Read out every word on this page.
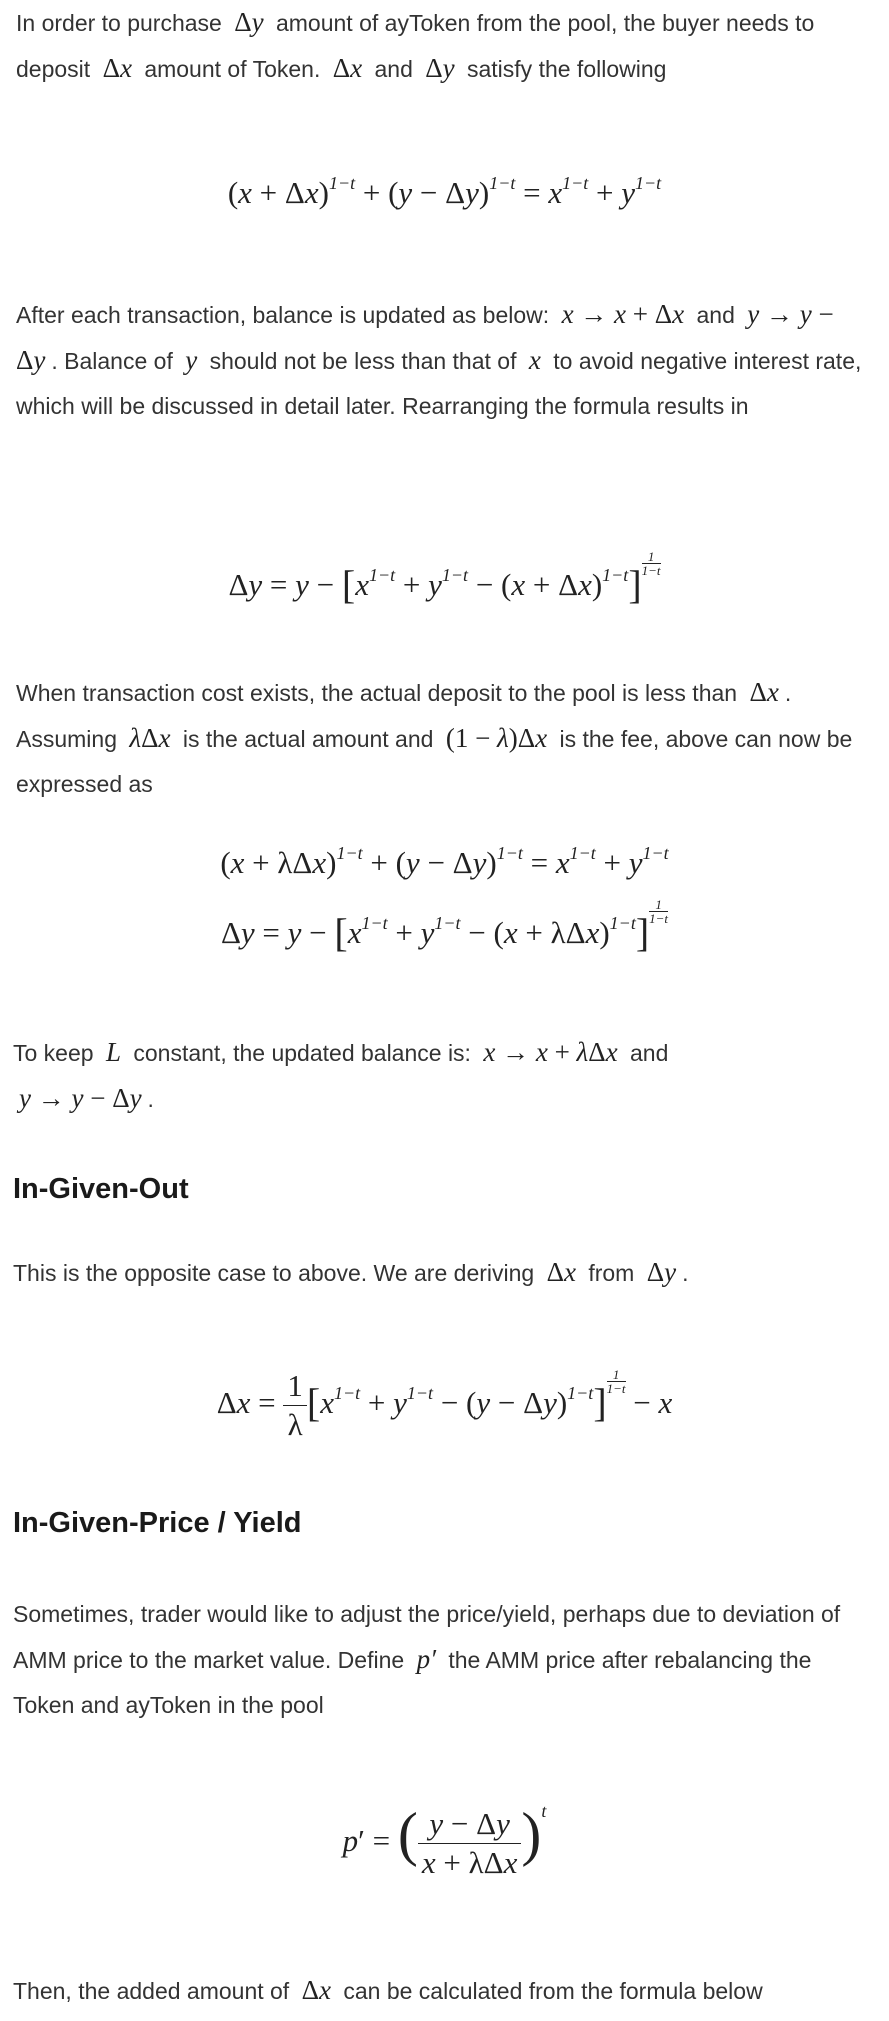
In order to purchase Δy amount of ayToken from the pool, the buyer needs to deposit Δx amount of Token. Δx and Δy satisfy the following

$(x + \Delta x)^{1-t} + (y - \Delta y)^{1-t} = x^{1-t} + y^{1-t}$

After each transaction, balance is updated as below: x → x + Δx and y → y − Δy . Balance of y should not be less than that of x to avoid negative interest rate, which will be discussed in detail later. Rearranging the formula results in

$\Delta y = y - [x^{1-t} + y^{1-t} - (x + \Delta x)^{1-t}] \frac{1}{1-t}$

When transaction cost exists, the actual deposit to the pool is less than Δx . Assuming λΔx is the actual amount and (1 − λ)Δx is the fee, above can now be expressed as

$(x + \lambda\Delta x)^{1-t} + (y - \Delta y)^{1-t} = x^{1-t} + y^{1-t}$
$\Delta y = y - [x^{1-t} + y^{1-t} - (x + \lambda\Delta x)^{1-t}] \frac{1}{1-t}$

To keep L constant, the updated balance is: x → x + λΔx and
y → y − Δy .

In-Given-Out

This is the opposite case to above. We are deriving Δx from Δy .

$\Delta x = \frac{1}{\lambda} [x^{1-t} + y^{1-t} - (y - \Delta y)^{1-t}] \frac{1}{1-t}$
− x
In-Given-Price / Yield

Sometimes, trader would like to adjust the price/yield, perhaps due to deviation of AMM price to the market value. Define p′ the AMM price after rebalancing the Token and ayToken in the pool

p′ = ( $\frac{y - \Delta y}{\text{x + λΔx}} )^t$

Then, the added amount of Δx can be calculated from the formula below
